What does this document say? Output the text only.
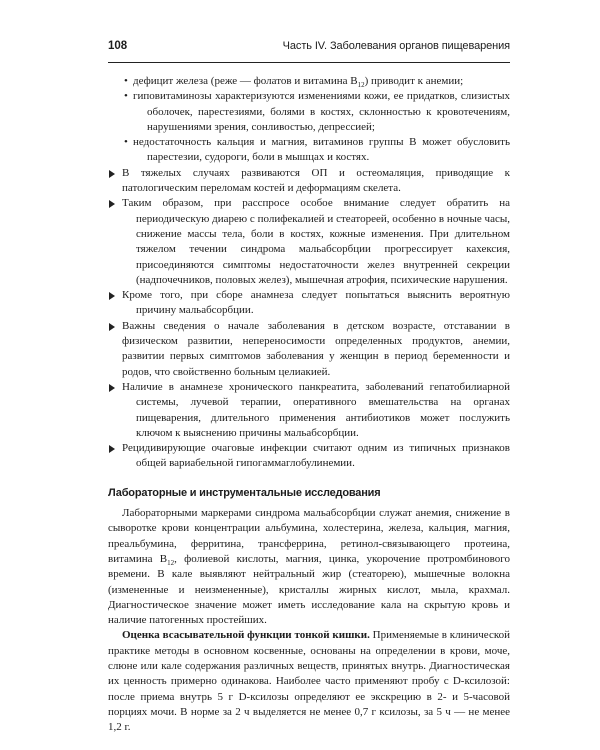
108	Часть IV. Заболевания органов пищеварения
• дефицит железа (реже — фолатов и витамина $B_{12}$) приводит к анемии;
• гиповитаминозы характеризуются изменениями кожи, ее придатков, слизистых оболочек, парестезиями, болями в костях, склонностью к кровотечениям, нарушениями зрения, сонливостью, депрессией;
• недостаточность кальция и магния, витаминов группы B может обусловить парестезии, судороги, боли в мышцах и костях.
В тяжелых случаях развиваются ОП и остеомаляция, приводящие к патологическим переломам костей и деформациям скелета.
Таким образом, при расспросе особое внимание следует обратить на периодическую диарею с полифекалией и стеатореей, особенно в ночные часы, снижение массы тела, боли в костях, кожные изменения. При длительном тяжелом течении синдрома мальабсорбции прогрессирует кахексия, присоединяются симптомы недостаточности желез внутренней секреции (надпочечников, половых желез), мышечная атрофия, психические нарушения.
Кроме того, при сборе анамнеза следует попытаться выяснить вероятную причину мальабсорбции.
Важны сведения о начале заболевания в детском возрасте, отставании в физическом развитии, непереносимости определенных продуктов, анемии, развитии первых симптомов заболевания у женщин в период беременности и родов, что свойственно больным целиакией.
Наличие в анамнезе хронического панкреатита, заболеваний гепатобилиарной системы, лучевой терапии, оперативного вмешательства на органах пищеварения, длительного применения антибиотиков может послужить ключом к выяснению причины мальабсорбции.
Рецидивирующие очаговые инфекции считают одним из типичных признаков общей вариабельной гипогаммаглобулинемии.
Лабораторные и инструментальные исследования

Лабораторными маркерами синдрома мальабсорбции служат анемия, снижение в сыворотке крови концентрации альбумина, холестерина, железа, кальция, магния, преальбумина, ферритина, трансферрина, ретинол-связывающего протеина, витамина $B_{12}$, фолиевой кислоты, магния, цинка, укорочение протромбинового времени. В кале выявляют нейтральный жир (стеаторею), мышечные волокна (измененные и неизмененные), кристаллы жирных кислот, мыла, крахмал. Диагностическое значение может иметь исследование кала на скрытую кровь и наличие патогенных простейших.

Оценка всасывательной функции тонкой кишки. Применяемые в клинической практике методы в основном косвенные, основаны на определении в крови, моче, слюне или кале содержания различных веществ, принятых внутрь. Диагностическая их ценность примерно одинакова. Наиболее часто применяют пробу с D-ксилозой: после приема внутрь 5 г D-ксилозы определяют ее экскрецию в 2- и 5-часовой порциях мочи. В норме за 2 ч выделяется не менее 0,7 г ксилозы, за 5 ч — не менее 1,2 г.
